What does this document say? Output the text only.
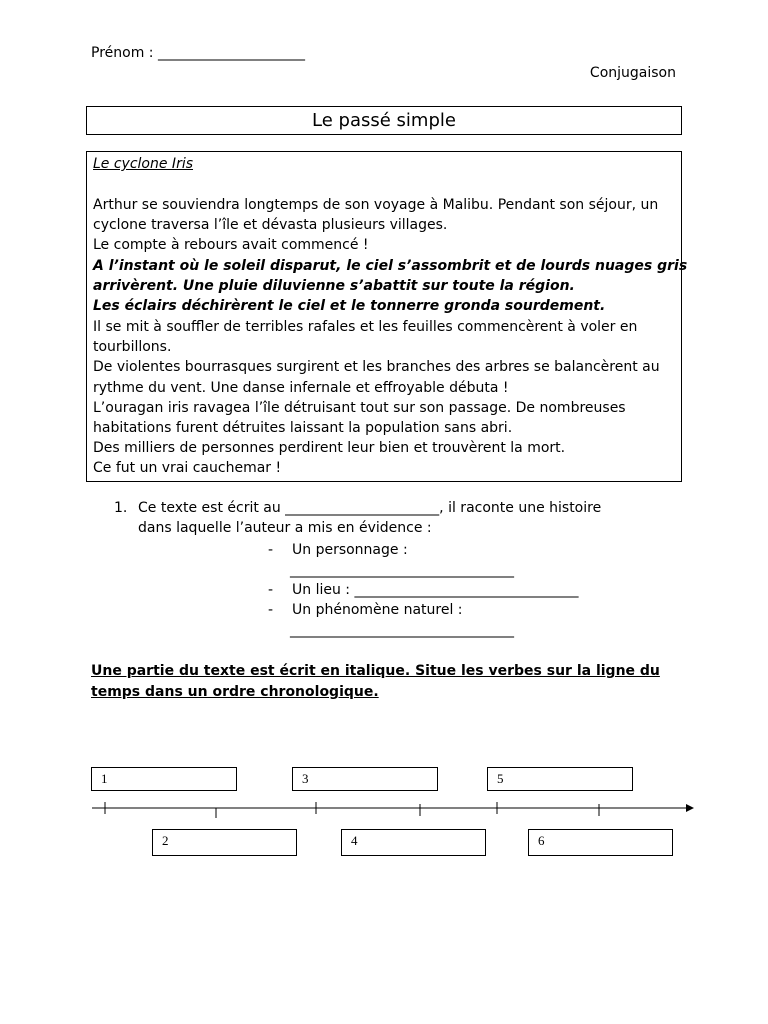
Prénom : _____________________
Conjugaison
Le passé simple
Le cyclone Iris
Arthur se souviendra longtemps de son voyage à Malibu. Pendant son séjour, un
cyclone traversa l’île et dévasta plusieurs villages.
Le compte à rebours avait commencé !
A l’instant où le soleil disparut, le ciel s’assombrit et de lourds nuages gris
arrivèrent. Une pluie diluvienne s’abattit sur toute la région.
Les éclairs déchirèrent le ciel et le tonnerre gronda sourdement.
Il se mit à souffler de terribles rafales et les feuilles commencèrent à voler en
tourbillons.
De violentes bourrasques surgirent et les branches des arbres se balancèrent au
rythme du vent. Une danse infernale et effroyable débuta !
L’ouragan iris ravagea l’île détruisant tout sur son passage. De nombreuses
habitations furent détruites laissant la population sans abri.
Des milliers de personnes perdirent leur bien et trouvèrent la mort.
Ce fut un vrai cauchemar !
1. Ce texte est écrit au ______________________, il raconte une histoire
dans laquelle l’auteur a mis en évidence :
- Un personnage :
________________________________
- Un lieu : ________________________________
- Un phénomène naturel :
________________________________
Une partie du texte est écrit en italique. Situe les verbes sur la ligne du
temps dans un ordre chronologique.
1	3	5
2	4	6
